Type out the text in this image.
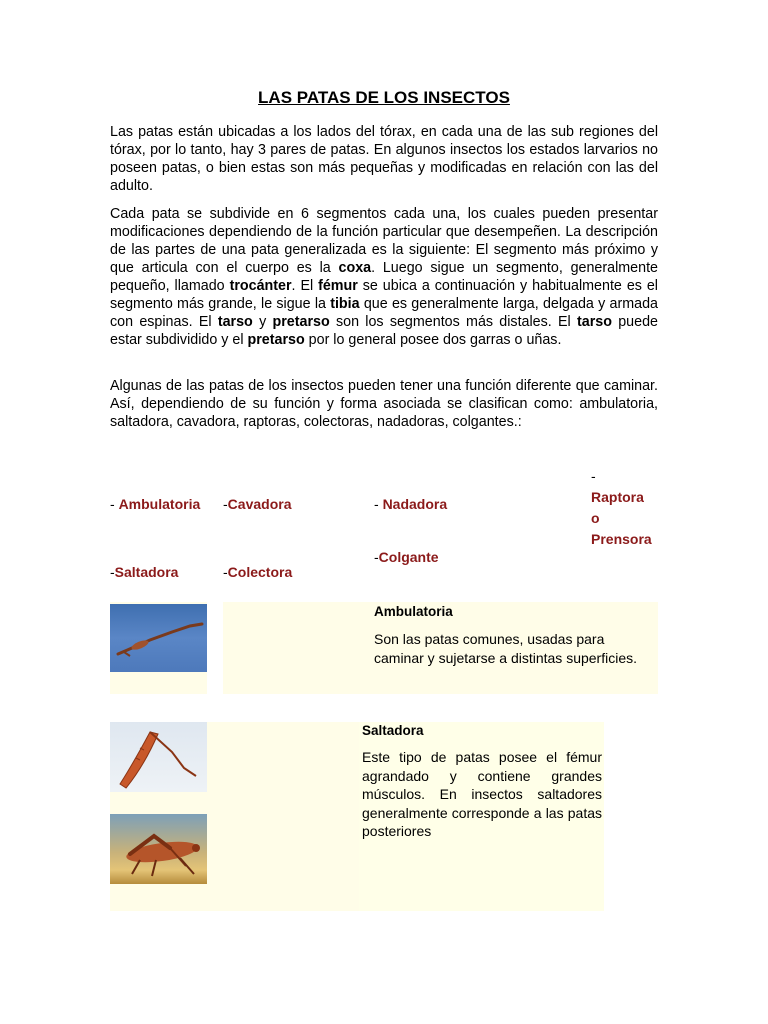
LAS PATAS DE LOS INSECTOS
Las patas están ubicadas a los lados del tórax, en cada una de las sub regiones del tórax, por lo tanto, hay 3 pares de patas. En algunos insectos los estados larvarios no poseen patas, o bien estas son más pequeñas y modificadas en relación con las del adulto.
Cada pata se subdivide en 6 segmentos cada una, los cuales pueden presentar modificaciones dependiendo de la función particular que desempeñen. La descripción de las partes de una pata generalizada es la siguiente: El segmento más próximo y que articula con el cuerpo es la coxa. Luego sigue un segmento, generalmente pequeño, llamado trocánter. El fémur se ubica a continuación y habitualmente es el segmento más grande, le sigue la tibia que es generalmente larga, delgada y armada con espinas. El tarso y pretarso son los segmentos más distales. El tarso puede estar subdividido y el pretarso por lo general posee dos garras o uñas.
Algunas de las patas de los insectos pueden tener una función diferente que caminar. Así, dependiendo de su función y forma asociada se clasifican como: ambulatoria, saltadora, cavadora, raptoras, colectoras, nadadoras, colgantes.:
- Ambulatoria -Cavadora	- Nadadora
-
Raptora
o
Prensora
-Saltadora	-Colectora
-Colgante
Ambulatoria
Son las patas comunes, usadas para caminar y sujetarse a distintas superficies.
Saltadora
Este tipo de patas posee el fémur agrandado y contiene grandes músculos. En insectos saltadores generalmente corresponde a las patas posteriores
